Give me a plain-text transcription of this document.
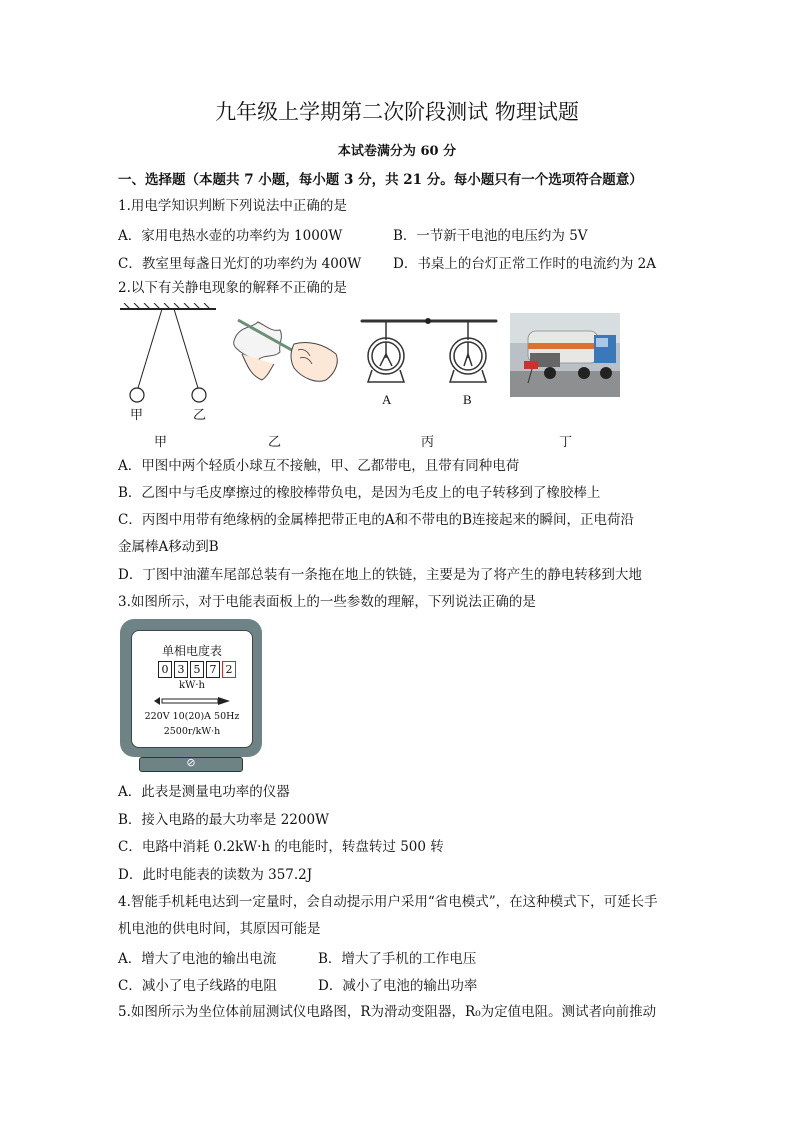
九年级上学期第二次阶段测试 物理试题
本试卷满分为 60 分
一、选择题（本题共 7 小题，每小题 3 分，共 21 分。每小题只有一个选项符合题意）
1.用电学知识判断下列说法中正确的是
A．家用电热水壶的功率约为 1000W	B．一节新干电池的电压约为 5V
C．教室里每盏日光灯的功率约为 400W D．书桌上的台灯正常工作时的电流约为 2A
2.以下有关静电现象的解释不正确的是
甲	乙
A	B
甲	乙	丙	丁
A．甲图中两个轻质小球互不接触，甲、乙都带电，且带有同种电荷
B．乙图中与毛皮摩擦过的橡胶棒带负电，是因为毛皮上的电子转移到了橡胶棒上
C．丙图中用带有绝缘柄的金属棒把带正电的A和不带电的B连接起来的瞬间，正电荷沿
金属棒A移动到B
D．丁图中油灌车尾部总装有一条拖在地上的铁链，主要是为了将产生的静电转移到大地
3.如图所示，对于电能表面板上的一些参数的理解，下列说法正确的是
单相电度表
0 3 5 7 2
kW·h
220V 10(20)A 50Hz
2500r/kW·h
⊘
A．此表是测量电功率的仪器
B．接入电路的最大功率是 2200W
C．电路中消耗 0.2kW·h 的电能时，转盘转过 500 转
D．此时电能表的读数为 357.2J
4.智能手机耗电达到一定量时，会自动提示用户采用“省电模式”，在这种模式下，可延长手
机电池的供电时间，其原因可能是
A．增大了电池的输出电流	B．增大了手机的工作电压
C．减小了电子线路的电阻	D．减小了电池的输出功率
5.如图所示为坐位体前屈测试仪电路图，R为滑动变阻器，R₀为定值电阻。测试者向前推动
